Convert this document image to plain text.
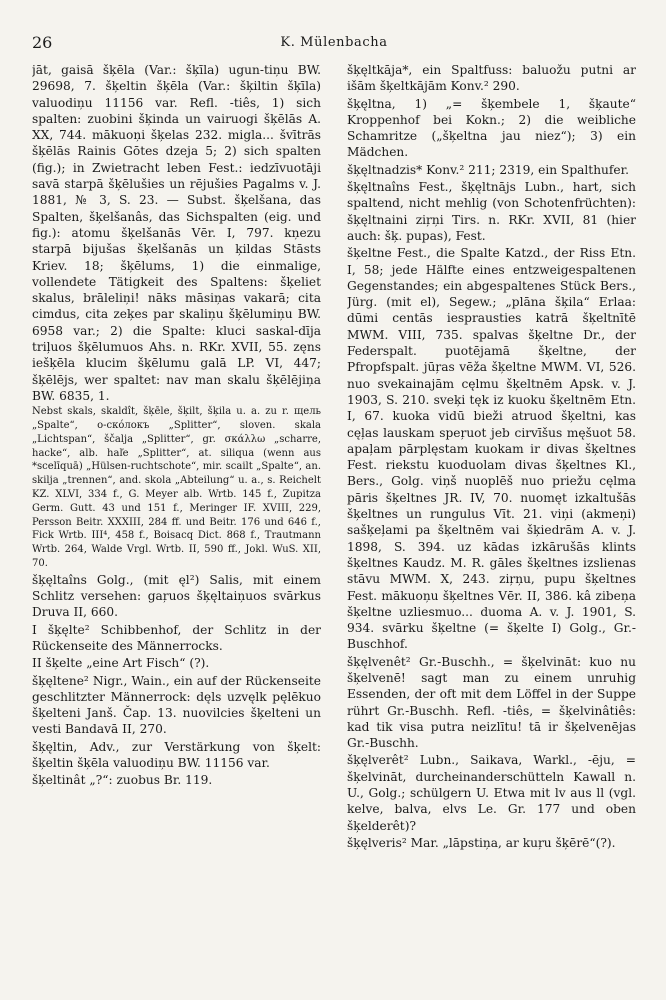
26	K. Mülenbacha

jāt, gaisā šķēla (Var.: šķīla) ugun-tiņu BW. 29698, 7. šķeltin šķēla (Var.: šķiltin šķīla) valuodiņu 11156 var. Refl. -tiês, 1) sich spalten: zuobini šķinda un vairuogi šķēlās A. XX, 744. mākuoņi šķelas 232. migla... švītrās šķēlās Rainis Gōtes dzeja 5; 2) sich spalten (fig.); in Zwietracht leben Fest.: iedzīvuotāji savā starpā šķēlušies un rējušies Pagalms v. J. 1881, № 3, S. 23. — Subst. šķelšana, das Spalten, šķelšanâs, das Sichspalten (eig. und fig.): atomu šķelšanās Vēr. I, 797. kņezu starpā bijušas šķelšanās un ķildas Stāsts Kriev. 18; šķēlums, 1) die einmalige, vollendete Tätigkeit des Spaltens: šķeliet skalus, brāleliņi! nāks māsiņas vakarā; cita cimdus, cita zeķes par skaliņu šķēlumiņu BW. 6958 var.; 2) die Spalte: kluci saskal-dīja triļuos šķēlumuos Ahs. n. RKr. XVII, 55. zęns iešķēla klucim šķēlumu galā LP. VI, 447; šķēlējs, wer spaltet: nav man skalu šķēlējiņa BW. 6835, 1.

Nebst skals, skaldît, šķēle, šķilt, šķila u. a. zu r. щель „Spalte“, о-скóлокъ „Splitter“, sloven. skala „Lichtspan“, ščalja „Splitter“, gr. σκάλλω „scharre, hacke“, alb. haľe „Splitter“, at. siliqua (wenn aus *scelīquā) „Hülsen-ruchtschote“, mir. scailt „Spalte“, an. skilja „trennen“, and. skola „Abteilung“ u. a., s. Reichelt KZ. XLVI, 334 f., G. Meyer alb. Wrtb. 145 f., Zupitza Germ. Gutt. 43 und 151 f., Meringer IF. XVIII, 229, Persson Beitr. XXXIII, 284 ff. und Beitr. 176 und 646 f., Fick Wrtb. III⁴, 458 f., Boisacq Dict. 868 f., Trautmann Wrtb. 264, Walde Vrgl. Wrtb. II, 590 ff., Jokl. WuS. XII, 70.

šķęltaîns Golg., (mit ęl²) Salis, mit einem Schlitz versehen: gaŗuos šķęltaiņuos svārkus Druva II, 660.

I šķęlte² Schibbenhof, der Schlitz in der Rückenseite des Männerrocks.

II šķelte „eine Art Fisch“ (?).

šķęltene² Nigr., Wain., ein auf der Rückenseite geschlitzter Männerrock: dęls uzvęlk pęlēkuo šķelteni Janš. Čap. 13. nuovilcies šķelteni un vesti Bandavā II, 270.

šķęltin, Adv., zur Verstärkung von šķelt: šķeltin šķēla valuodiņu BW. 11156 var.

šķeltinât „?“: zuobus Br. 119.

šķęltkāja*, ein Spaltfuss: baluožu putni ar išām šķeltkājām Konv.² 290.

šķęltna, 1) „= šķembele 1, šķaute“ Kroppenhof bei Kokn.; 2) die weibliche Schamritze („šķeltna jau niez“); 3) ein Mädchen.

šķęltnadzis* Konv.² 211; 2319, ein Spalthufer.

šķęltnaîns Fest., šķęltnājs Lubn., hart, sich spaltend, nicht mehlig (von Schotenfrüchten): šķęltnaini ziŗņi Tirs. n. RKr. XVII, 81 (hier auch: šķ. pupas), Fest.

šķeltne Fest., die Spalte Katzd., der Riss Etn. I, 58; jede Hälfte eines entzweigespaltenen Gegenstandes; ein abgespaltenes Stück Bers., Jürg. (mit el), Segew.; „plāna šķila“ Erlaa: dūmi centās iesprausties katrā šķeltnītē MWM. VIII, 735. spalvas šķeltne Dr., der Federspalt. puotējamā šķeltne, der Pfropfspalt. jūŗas vēža šķeltne MWM. VI, 526. nuo svekainajām cęlmu šķeltnēm Apsk. v. J. 1903, S. 210. sveķi tęk iz kuoku šķeltnēm Etn. I, 67. kuoka vidū bieži atruod šķeltni, kas cęļas lauskam speŗuot jeb cirvīšus męšuot 58. apaļam pārplęstam kuokam ir divas šķeltnes Fest. riekstu kuoduolam divas šķeltnes Kl., Bers., Golg. viņš nuoplēš nuo priežu cęlma pāris šķeltnes JR. IV, 70. nuomęt izkaltušās šķeltnes un rungulus Vīt. 21. viņi (akmeņi) sašķeļami pa šķeltnēm vai šķiedrām A. v. J. 1898, S. 394. uz kādas izkārušās klints šķeltnes Kaudz. M. R. gāles šķeltnes izslienas stāvu MWM. X, 243. ziŗņu, pupu šķeltnes Fest. mākuoņu šķeltnes Vēr. II, 386. kâ zibeņa šķeltne uzliesmuo... duoma A. v. J. 1901, S. 934. svārku šķeltne (= šķelte I) Golg., Gr.-Buschhof.

šķęlvenêt² Gr.-Buschh., = šķelvināt: kuo nu šķelvenē! sagt man zu einem unruhig Essenden, der oft mit dem Löffel in der Suppe rührt Gr.-Buschh. Refl. -tiês, = šķelvinâtiês: kad tik visa putra neizlītu! tā ir šķelvenējas Gr.-Buschh.

šķęlverêt² Lubn., Saikava, Warkl., -ēju, = šķelvināt, durcheinanderschütteln Kawall n. U., Golg.; schülgern U. Etwa mit lv aus ll (vgl. kelve, balva, elvs Le. Gr. 177 und oben šķelderêt)?

šķęlveris² Mar. „lāpstiņa, ar kuŗu šķērē“(?).
